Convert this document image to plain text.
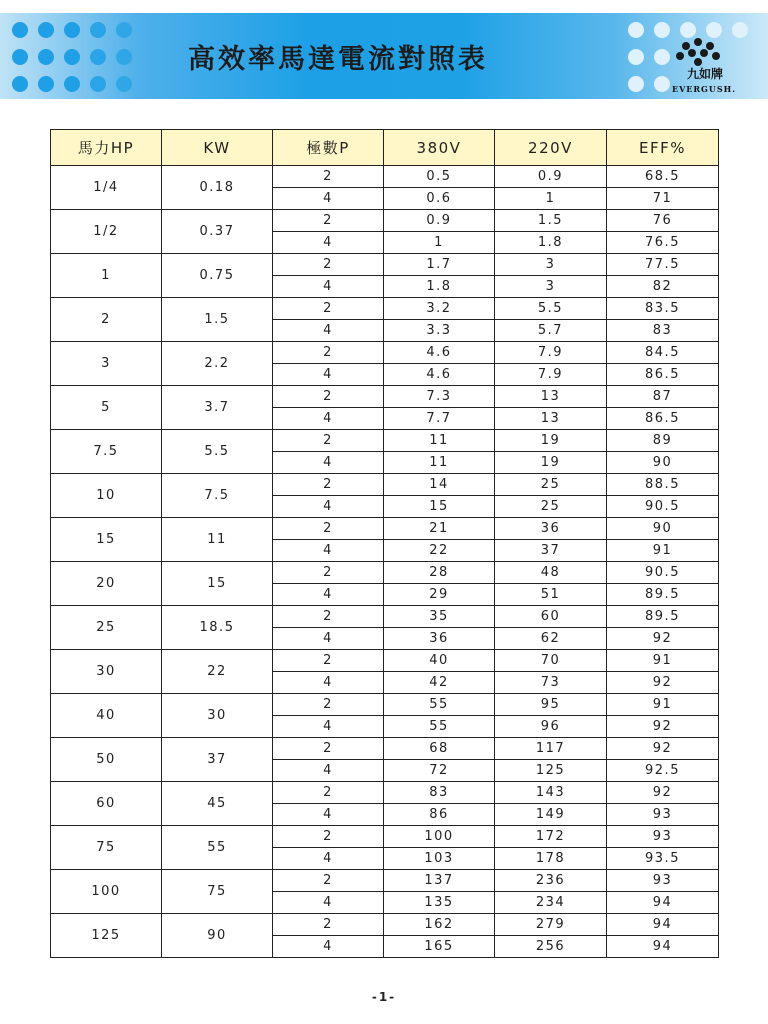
高效率馬達電流對照表	九如牌
EVERGUSH.
馬力HP	KW	極數P	380V	220V	EFF%
1/4	0.18	2	0.5	0.9	68.5
		4	0.6	1	71
1/2	0.37	2	0.9	1.5	76
		4	1	1.8	76.5
1	0.75	2	1.7	3	77.5
		4	1.8	3	82
2	1.5	2	3.2	5.5	83.5
		4	3.3	5.7	83
3	2.2	2	4.6	7.9	84.5
		4	4.6	7.9	86.5
5	3.7	2	7.3	13	87
		4	7.7	13	86.5
7.5	5.5	2	11	19	89
		4	11	19	90
10	7.5	2	14	25	88.5
		4	15	25	90.5
15	11	2	21	36	90
		4	22	37	91
20	15	2	28	48	90.5
		4	29	51	89.5
25	18.5	2	35	60	89.5
		4	36	62	92
30	22	2	40	70	91
		4	42	73	92
40	30	2	55	95	91
		4	55	96	92
50	37	2	68	117	92
		4	72	125	92.5
60	45	2	83	143	92
		4	86	149	93
75	55	2	100	172	93
		4	103	178	93.5
100	75	2	137	236	93
		4	135	234	94
125	90	2	162	279	94
		4	165	256	94
-1-
